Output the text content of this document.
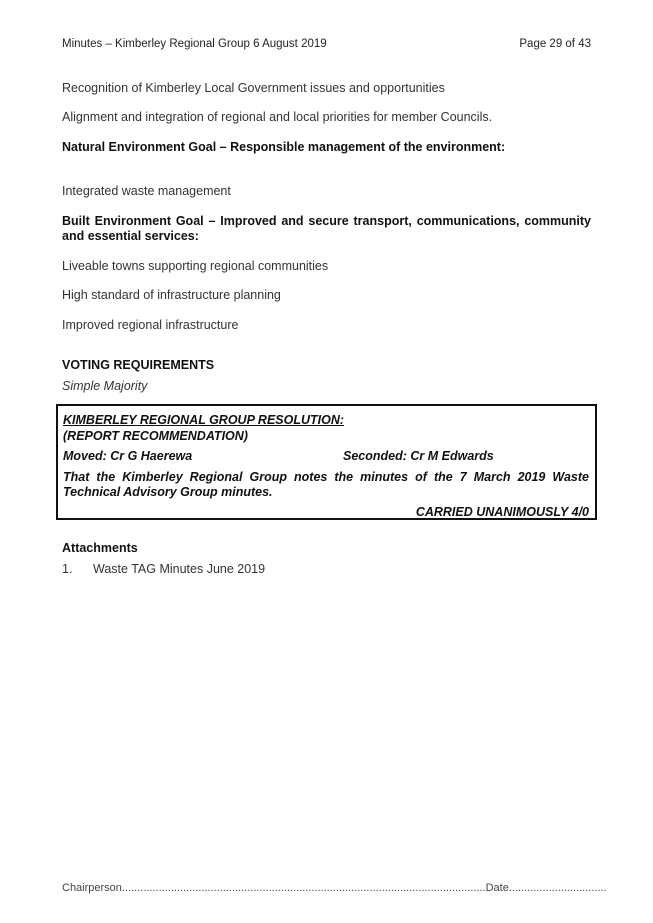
Minutes – Kimberley Regional Group 6 August 2019	Page 29 of 43
Recognition of Kimberley Local Government issues and opportunities
Alignment and integration of regional and local priorities for member Councils.
Natural Environment Goal – Responsible management of the environment:
Integrated waste management
Built Environment Goal – Improved and secure transport, communications, community and essential services:
Liveable towns supporting regional communities
High standard of infrastructure planning
Improved regional infrastructure
VOTING REQUIREMENTS
Simple Majority
KIMBERLEY REGIONAL GROUP RESOLUTION:
(REPORT RECOMMENDATION)
Moved: Cr G Haerewa	Seconded: Cr M Edwards
That the Kimberley Regional Group notes the minutes of the 7 March 2019 Waste Technical Advisory Group minutes.
CARRIED UNANIMOUSLY 4/0
Attachments
1. Waste TAG Minutes June 2019
Chairperson.......................................................................................................................Date................................
